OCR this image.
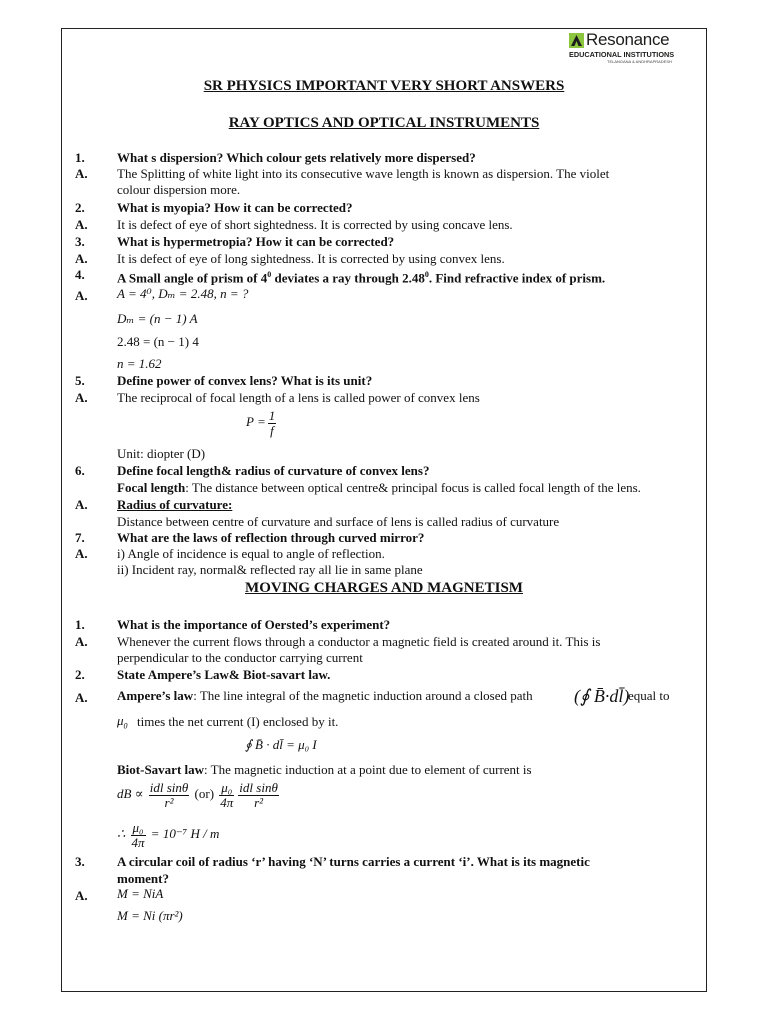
Resonance
EDUCATIONAL INSTITUTIONS
TELANGANA & ANDHRAPRADESH
SR PHYSICS IMPORTANT VERY SHORT ANSWERS
RAY OPTICS AND OPTICAL INSTRUMENTS
1. What s dispersion? Which colour gets relatively more dispersed?
A. The Splitting of white light into its consecutive wave length is known as dispersion. The violet
colour dispersion more.
2. What is myopia? How it can be corrected?
A. It is defect of eye of short sightedness. It is corrected by using concave lens.
3. What is hypermetropia? How it can be corrected?
A. It is defect of eye of long sightedness. It is corrected by using convex lens.
4. A Small angle of prism of $4^0$ deviates a ray through 2.48$^0$. Find refractive index of prism.
A. A = 4⁰, Dₘ = 2.48, n = ?
Dₘ = (n − 1) A
2.48 = (n − 1) 4
n = 1.62
5. Define power of convex lens? What is its unit?
A. The reciprocal of focal length of a lens is called power of convex lens
$P = \frac{1}{f}$
Unit: diopter (D)
6. Define focal length& radius of curvature of convex lens?
Focal length: The distance between optical centre& principal focus is called focal length of the lens.
A. Radius of curvature:
Distance between centre of curvature and surface of lens is called radius of curvature
7. What are the laws of reflection through curved mirror?
A. i) Angle of incidence is equal to angle of reflection.
ii) Incident ray, normal& reflected ray all lie in same plane
MOVING CHARGES AND MAGNETISM
1. What is the importance of Oersted’s experiment?
A. Whenever the current flows through a conductor a magnetic field is created around it. This is
perpendicular to the conductor carrying current
2. State Ampere’s Law& Biot-savart law.
A. Ampere’s law: The line integral of the magnetic induction around a closed path (∮ B̄·dl̄)
equal to
$\mu_0$ times the net current (I) enclosed by it.
∮ B̄ · dl̄ = μ₀ I
Biot-Savart law: The magnetic induction at a point due to element of current is
dB ∝ $\frac{\text{idl sinθ}}{\text{r²}} (or) \frac{\text{μ₀}}{4\pi} \frac{\text{idl sinθ}}{\text{r²}}$
∴ $\frac{\text{μ₀}}{4\pi} = 10^{-7}$ H / m
3. A circular coil of radius ‘r’ having ‘N’ turns carries a current ‘i’. What is its magnetic
moment?
A. M = NiA
M = Ni (πr²)
